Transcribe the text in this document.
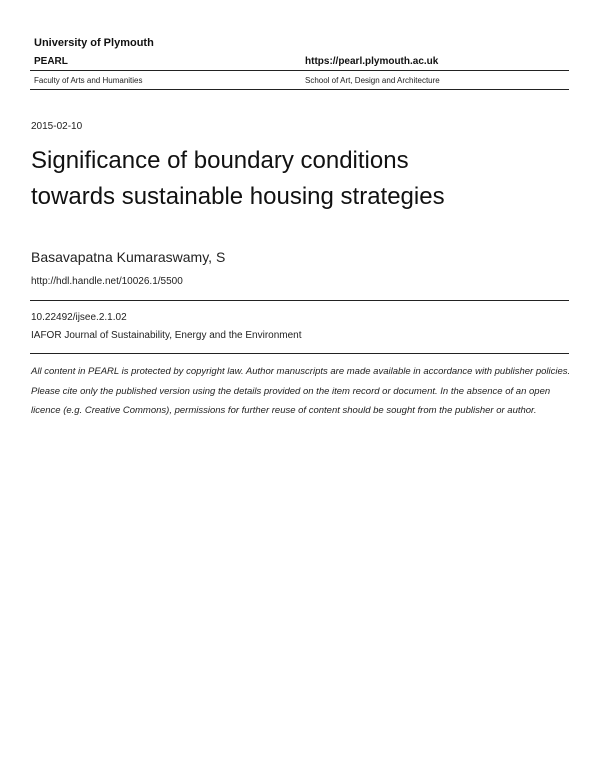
University of Plymouth
PEARL	https://pearl.plymouth.ac.uk
Faculty of Arts and Humanities	School of Art, Design and Architecture
2015-02-10
Significance of boundary conditions
towards sustainable housing strategies
Basavapatna Kumaraswamy, S
http://hdl.handle.net/10026.1/5500
10.22492/ijsee.2.1.02
IAFOR Journal of Sustainability, Energy and the Environment
All content in PEARL is protected by copyright law. Author manuscripts are made available in accordance with publisher policies. Please cite only the published version using the details provided on the item record or document. In the absence of an open licence (e.g. Creative Commons), permissions for further reuse of content should be sought from the publisher or author.
